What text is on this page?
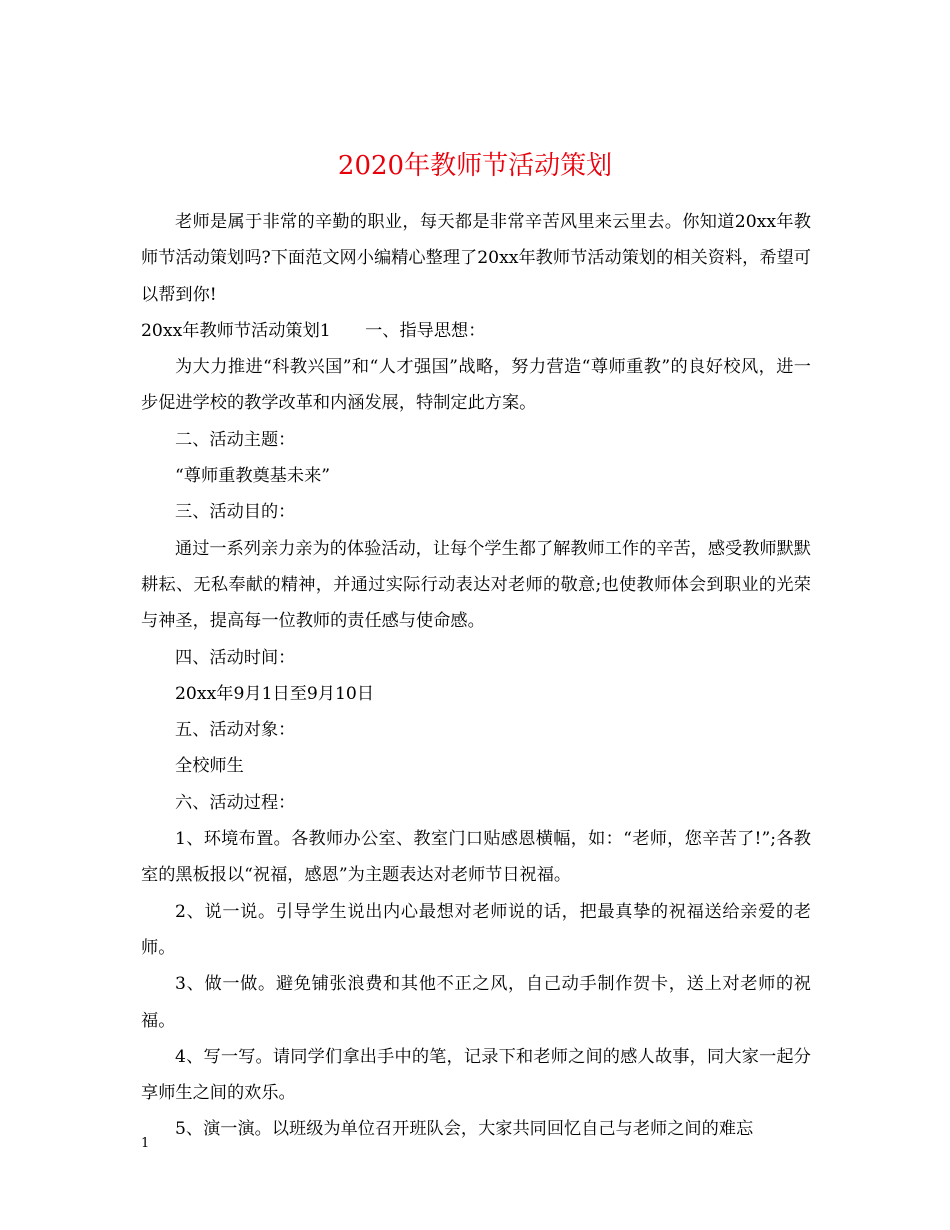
2020年教师节活动策划

老师是属于非常的辛勤的职业，每天都是非常辛苦风里来云里去。你知道20xx年教师节活动策划吗?下面范文网小编精心整理了20xx年教师节活动策划的相关资料，希望可以帮到你!

20xx年教师节活动策划1　　一、指导思想：

为大力推进“科教兴国”和“人才强国”战略，努力营造“尊师重教”的良好校风，进一步促进学校的教学改革和内涵发展，特制定此方案。

二、活动主题：

“尊师重教奠基未来”

三、活动目的：

通过一系列亲力亲为的体验活动，让每个学生都了解教师工作的辛苦，感受教师默默耕耘、无私奉献的精神，并通过实际行动表达对老师的敬意;也使教师体会到职业的光荣与神圣，提高每一位教师的责任感与使命感。

四、活动时间：

20xx年9月1日至9月10日

五、活动对象：

全校师生

六、活动过程：

1、环境布置。各教师办公室、教室门口贴感恩横幅，如：“老师，您辛苦了!”;各教室的黑板报以“祝福，感恩”为主题表达对老师节日祝福。

2、说一说。引导学生说出内心最想对老师说的话，把最真挚的祝福送给亲爱的老师。

3、做一做。避免铺张浪费和其他不正之风，自己动手制作贺卡，送上对老师的祝福。

4、写一写。请同学们拿出手中的笔，记录下和老师之间的感人故事，同大家一起分享师生之间的欢乐。

5、演一演。以班级为单位召开班队会，大家共同回忆自己与老师之间的难忘

1
